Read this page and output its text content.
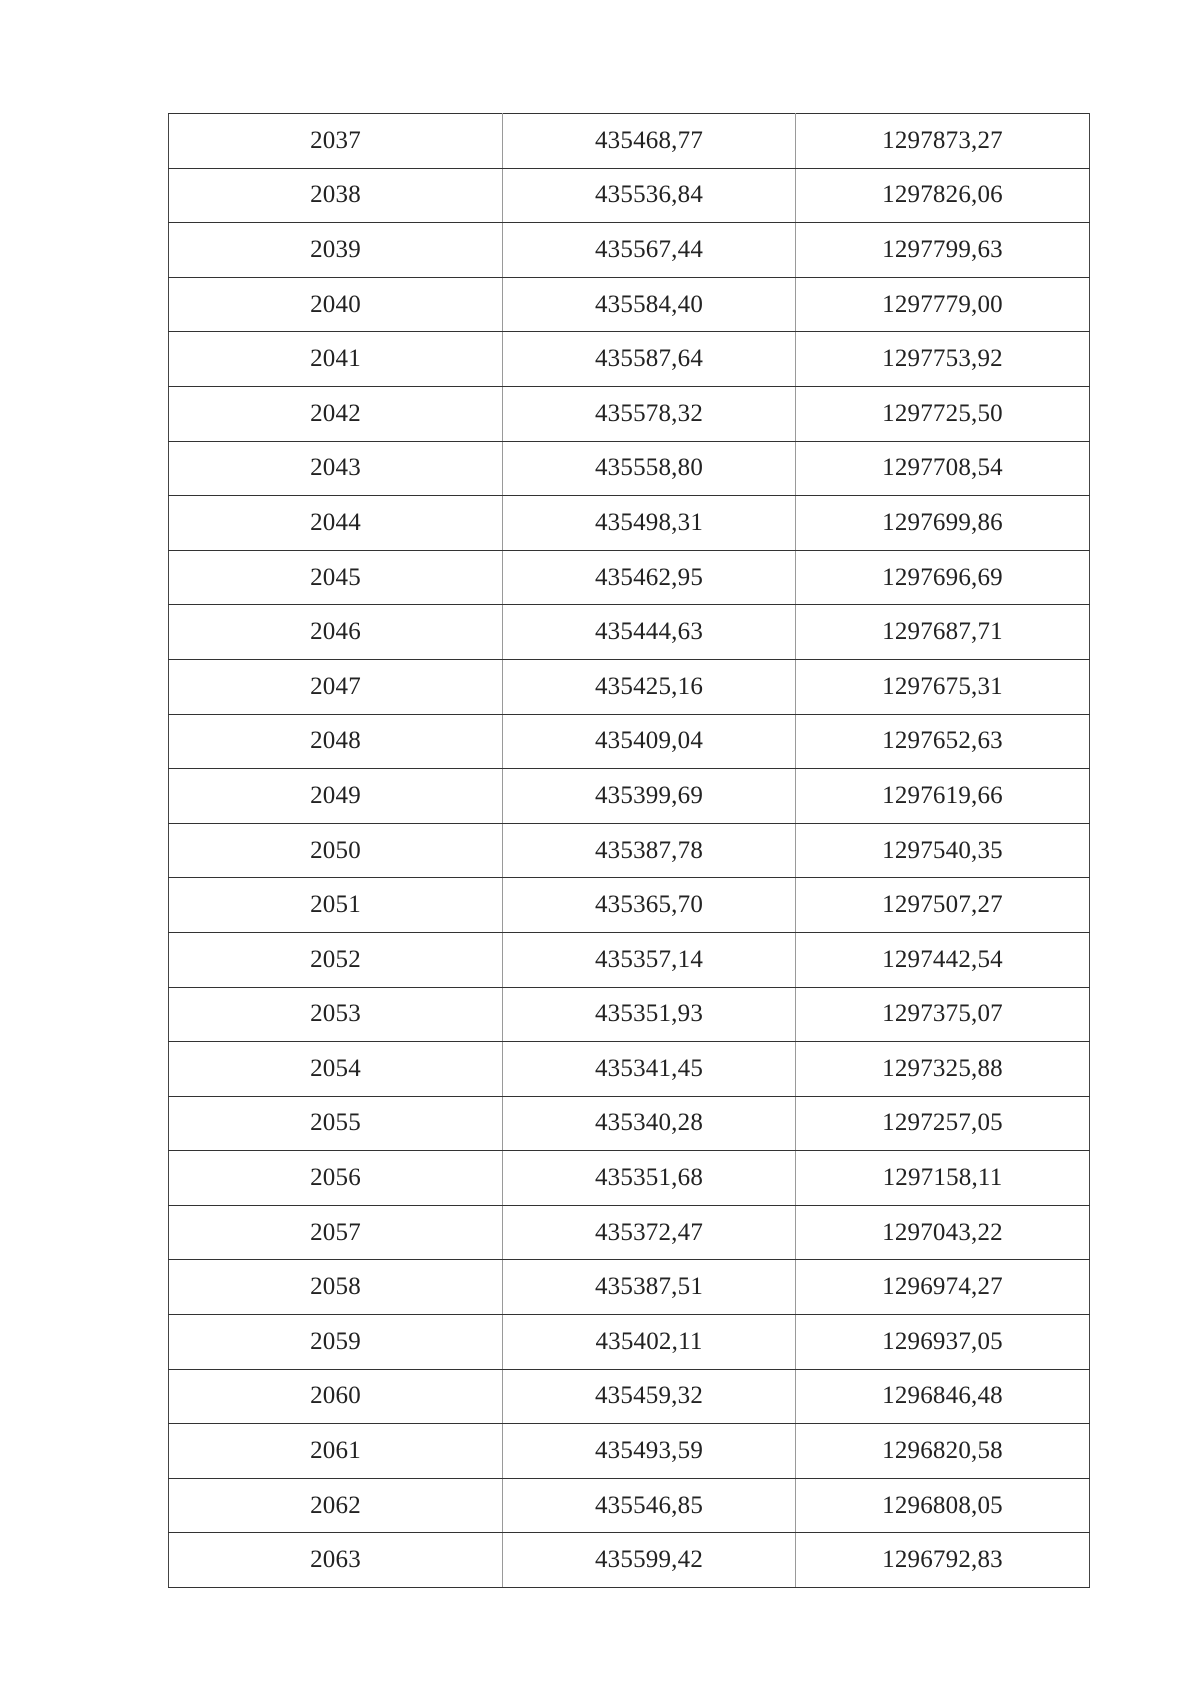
2037	435468,77	1297873,27
2038	435536,84	1297826,06
2039	435567,44	1297799,63
2040	435584,40	1297779,00
2041	435587,64	1297753,92
2042	435578,32	1297725,50
2043	435558,80	1297708,54
2044	435498,31	1297699,86
2045	435462,95	1297696,69
2046	435444,63	1297687,71
2047	435425,16	1297675,31
2048	435409,04	1297652,63
2049	435399,69	1297619,66
2050	435387,78	1297540,35
2051	435365,70	1297507,27
2052	435357,14	1297442,54
2053	435351,93	1297375,07
2054	435341,45	1297325,88
2055	435340,28	1297257,05
2056	435351,68	1297158,11
2057	435372,47	1297043,22
2058	435387,51	1296974,27
2059	435402,11	1296937,05
2060	435459,32	1296846,48
2061	435493,59	1296820,58
2062	435546,85	1296808,05
2063	435599,42	1296792,83
